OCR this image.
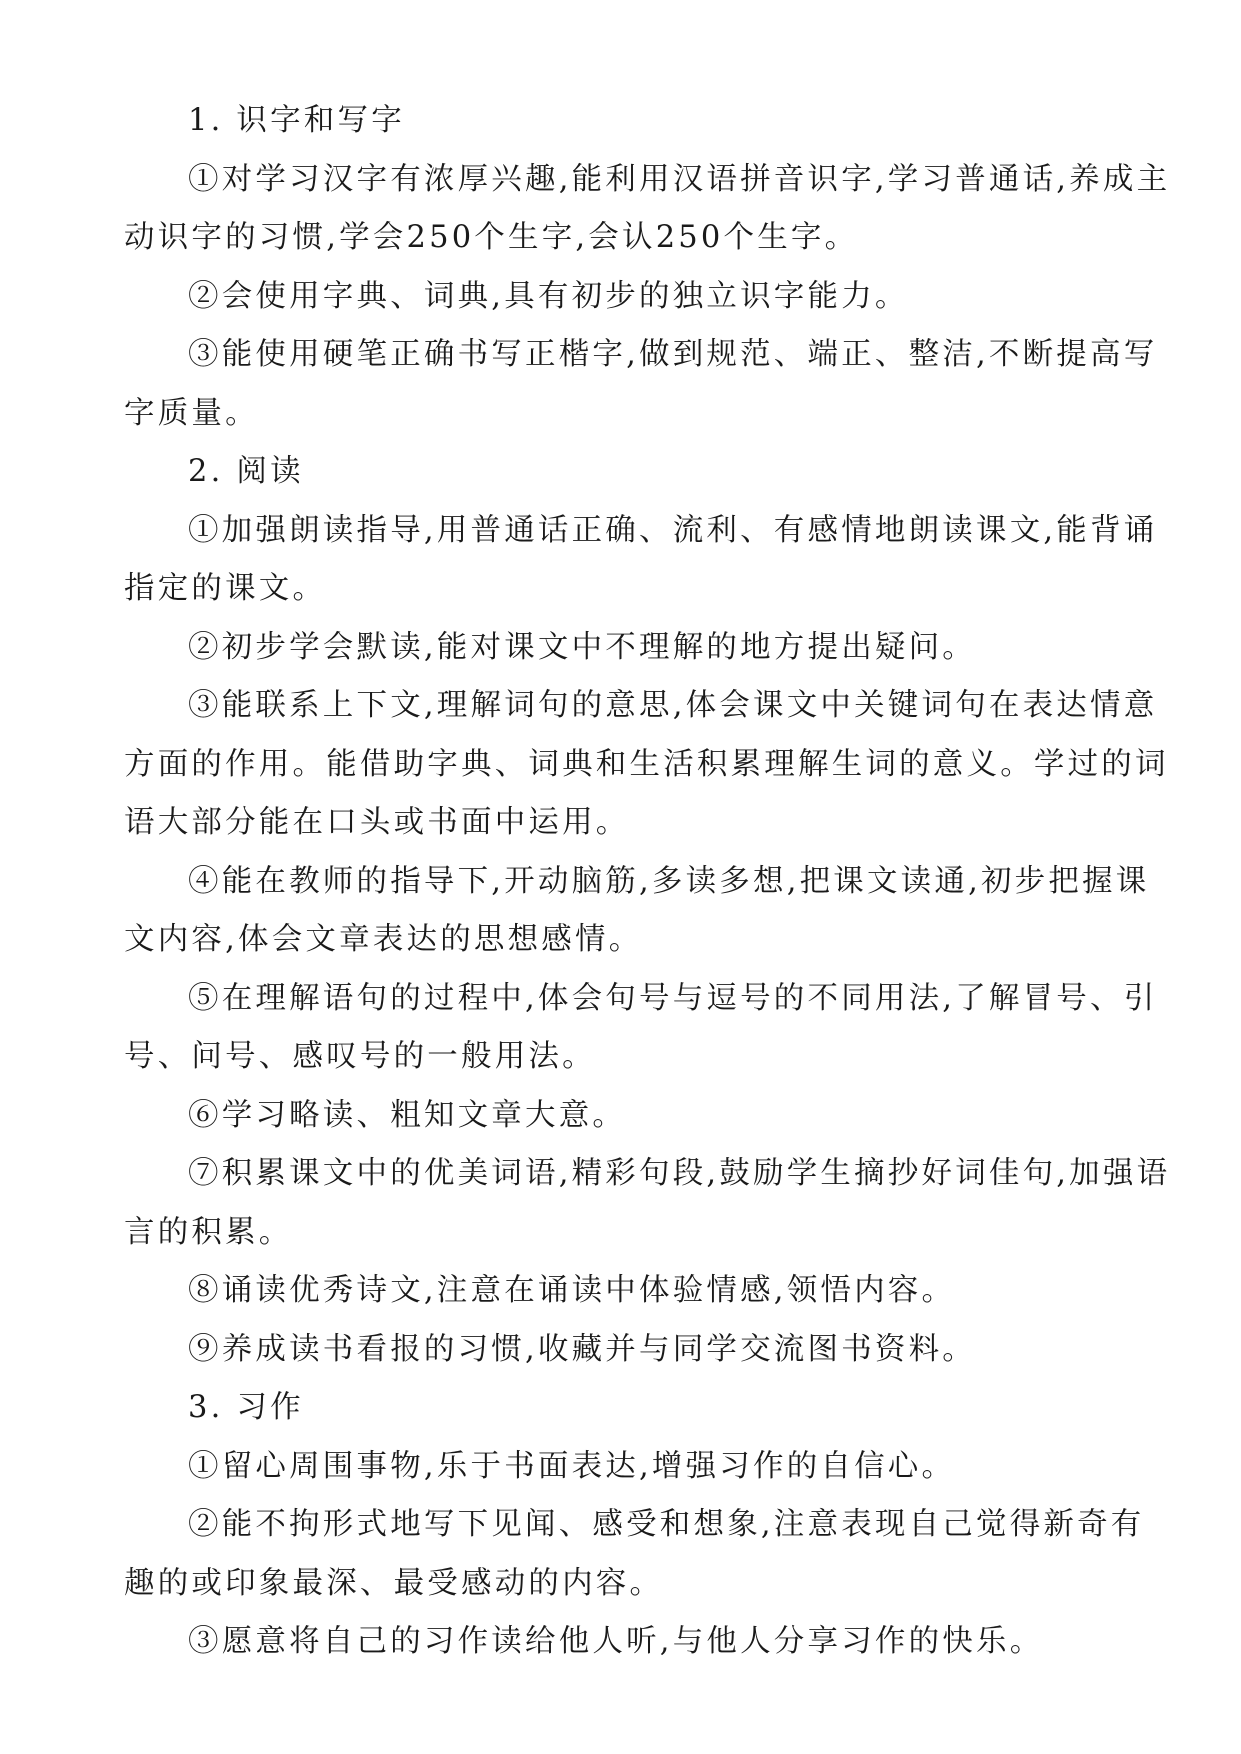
1. 识字和写字

①对学习汉字有浓厚兴趣,能利用汉语拼音识字,学习普通话,养成主动识字的习惯,学会250个生字,会认250个生字。

②会使用字典、词典,具有初步的独立识字能力。

③能使用硬笔正确书写正楷字,做到规范、端正、整洁,不断提高写字质量。

2. 阅读

①加强朗读指导,用普通话正确、流利、有感情地朗读课文,能背诵指定的课文。

②初步学会默读,能对课文中不理解的地方提出疑问。

③能联系上下文,理解词句的意思,体会课文中关键词句在表达情意方面的作用。能借助字典、词典和生活积累理解生词的意义。学过的词语大部分能在口头或书面中运用。

④能在教师的指导下,开动脑筋,多读多想,把课文读通,初步把握课文内容,体会文章表达的思想感情。

⑤在理解语句的过程中,体会句号与逗号的不同用法,了解冒号、引号、问号、感叹号的一般用法。

⑥学习略读、粗知文章大意。

⑦积累课文中的优美词语,精彩句段,鼓励学生摘抄好词佳句,加强语言的积累。

⑧诵读优秀诗文,注意在诵读中体验情感,领悟内容。

⑨养成读书看报的习惯,收藏并与同学交流图书资料。

3. 习作

①留心周围事物,乐于书面表达,增强习作的自信心。

②能不拘形式地写下见闻、感受和想象,注意表现自己觉得新奇有趣的或印象最深、最受感动的内容。

③愿意将自己的习作读给他人听,与他人分享习作的快乐。
